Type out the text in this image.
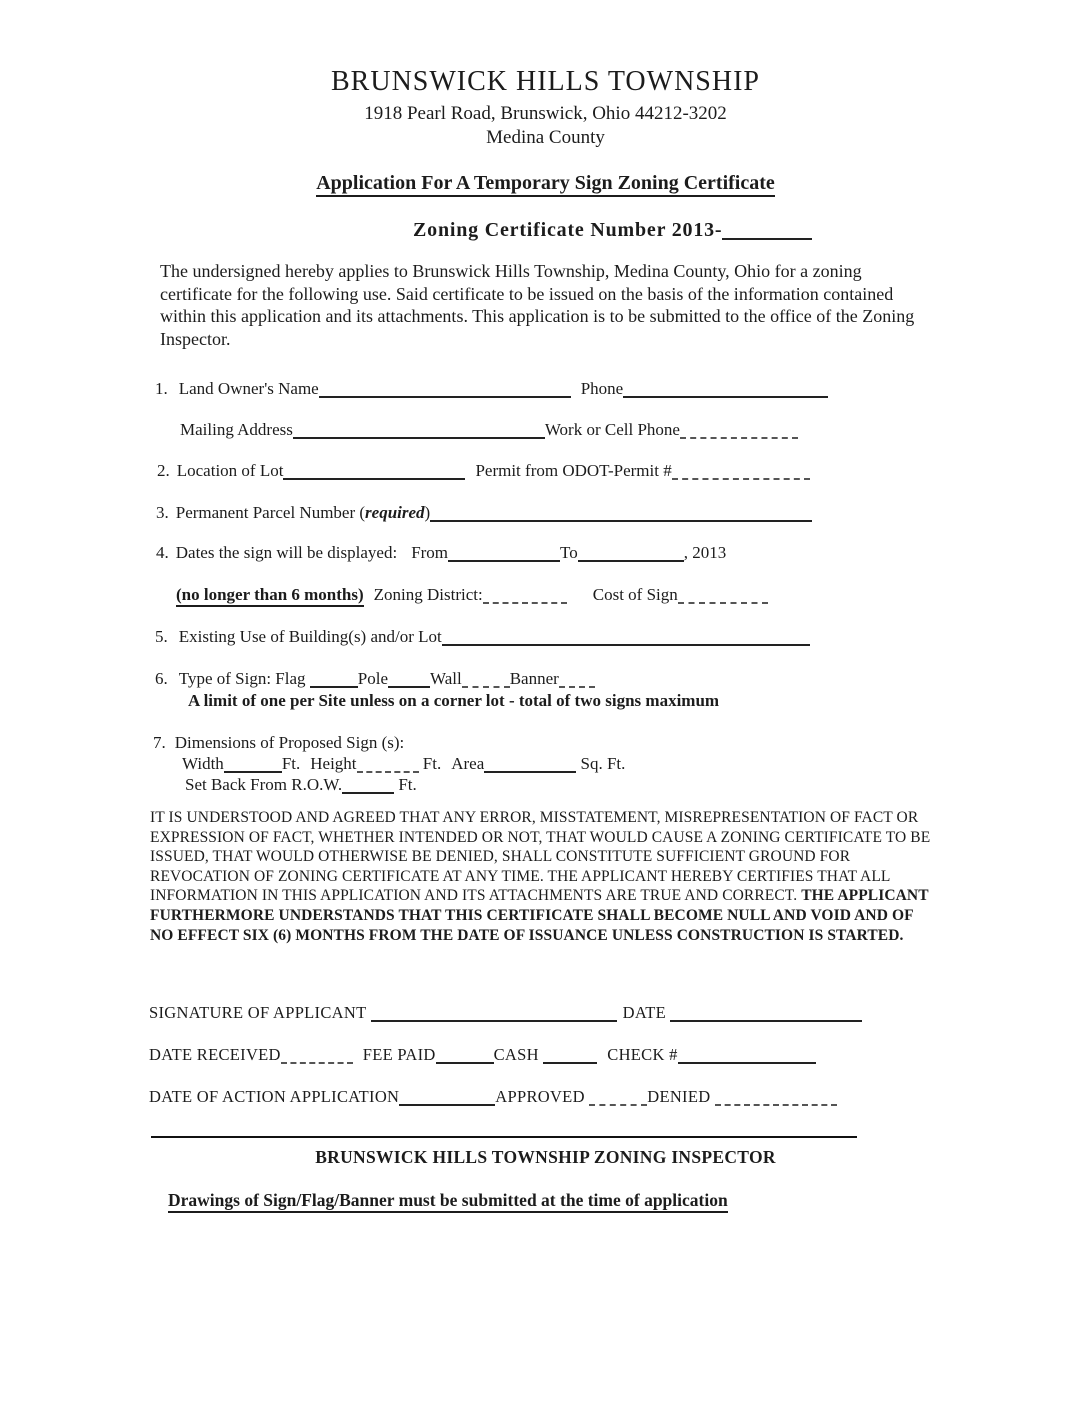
BRUNSWICK HILLS TOWNSHIP
1918 Pearl Road, Brunswick, Ohio 44212-3202
Medina County
Application For A Temporary Sign Zoning Certificate
Zoning Certificate Number 2013-
The undersigned hereby applies to Brunswick Hills Township, Medina County, Ohio for a zoning certificate for the following use. Said certificate to be issued on the basis of the information contained within this application and its attachments. This application is to be submitted to the office of the Zoning Inspector.
1. Land Owner's Name	Phone
Mailing Address	Work or Cell Phone
2. Location of Lot	Permit from ODOT-Permit #
3. Permanent Parcel Number (required)
4. Dates the sign will be displayed: From	To	, 2013
(no longer than 6 months) Zoning District:	Cost of Sign
5. Existing Use of Building(s) and/or Lot
6. Type of Sign: Flag	Pole Wall	Banner
A limit of one per Site unless on a corner lot - total of two signs maximum
7. Dimensions of Proposed Sign (s):
Width	Ft. Height	Ft. Area	Sq. Ft.
Set Back From R.O.W.	Ft.
IT IS UNDERSTOOD AND AGREED THAT ANY ERROR, MISSTATEMENT, MISREPRESENTATION OF FACT OR EXPRESSION OF FACT, WHETHER INTENDED OR NOT, THAT WOULD CAUSE A ZONING CERTIFICATE TO BE ISSUED, THAT WOULD OTHERWISE BE DENIED, SHALL CONSTITUTE SUFFICIENT GROUND FOR REVOCATION OF ZONING CERTIFICATE AT ANY TIME. THE APPLICANT HEREBY CERTIFIES THAT ALL INFORMATION IN THIS APPLICATION AND ITS ATTACHMENTS ARE TRUE AND CORRECT. THE APPLICANT FURTHERMORE UNDERSTANDS THAT THIS CERTIFICATE SHALL BECOME NULL AND VOID AND OF NO EFFECT SIX (6) MONTHS FROM THE DATE OF ISSUANCE UNLESS CONSTRUCTION IS STARTED.
SIGNATURE OF APPLICANT	DATE
DATE RECEIVED	FEE PAID	CASH	CHECK #
DATE OF ACTION APPLICATION	APPROVED	DENIED
BRUNSWICK HILLS TOWNSHIP ZONING INSPECTOR
Drawings of Sign/Flag/Banner must be submitted at the time of application
